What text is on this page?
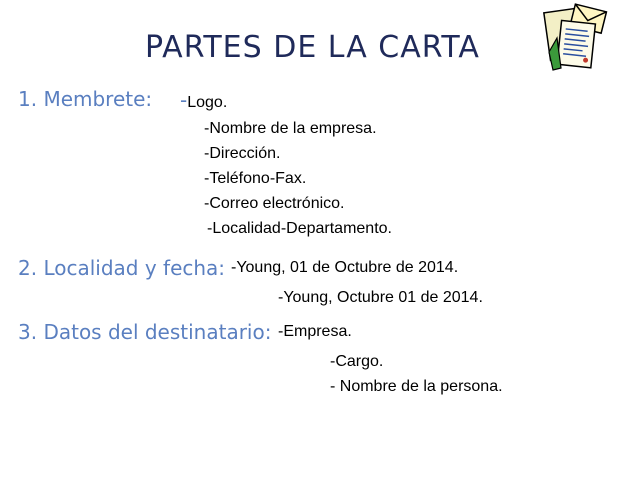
PARTES DE LA CARTA
1. Membrete: -Logo.
-Nombre de la empresa.
-Dirección.
-Teléfono-Fax.
-Correo electrónico.
-Localidad-Departamento.
2. Localidad y fecha: -Young, 01 de Octubre de 2014.
-Young, Octubre 01 de 2014.
3. Datos del destinatario: -Empresa.
-Cargo.
- Nombre de la persona.
